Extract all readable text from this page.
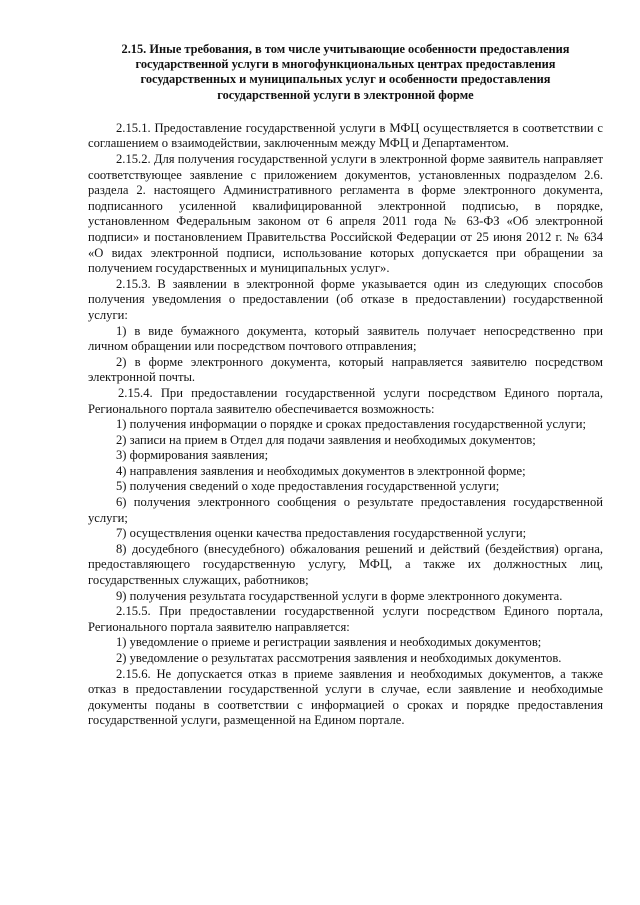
2.15. Иные требования, в том числе учитывающие особенности предоставления государственной услуги в многофункциональных центрах предоставления государственных и муниципальных услуг и особенности предоставления государственной услуги в электронной форме

2.15.1. Предоставление государственной услуги в МФЦ осуществляется в соответствии с соглашением о взаимодействии, заключенным между МФЦ и Департаментом.

2.15.2. Для получения государственной услуги в электронной форме заявитель направляет соответствующее заявление с приложением документов, установленных подразделом 2.6. раздела 2. настоящего Административного регламента в форме электронного документа, подписанного усиленной квалифицированной электронной подписью, в порядке, установленном Федеральным законом от 6 апреля 2011 года № 63-ФЗ «Об электронной подписи» и постановлением Правительства Российской Федерации от 25 июня 2012 г. № 634 «О видах электронной подписи, использование которых допускается при обращении за получением государственных и муниципальных услуг».

2.15.3. В заявлении в электронной форме указывается один из следующих способов получения уведомления о предоставлении (об отказе в предоставлении) государственной услуги:

1) в виде бумажного документа, который заявитель получает непосредственно при личном обращении или посредством почтового отправления;

2) в форме электронного документа, который направляется заявителю посредством электронной почты.

2.15.4. При предоставлении государственной услуги посредством Единого портала, Регионального портала заявителю обеспечивается возможность:

1) получения информации о порядке и сроках предоставления государственной услуги;

2) записи на прием в Отдел для подачи заявления и необходимых документов;

3) формирования заявления;

4) направления заявления и необходимых документов в электронной форме;

5) получения сведений о ходе предоставления государственной услуги;

6) получения электронного сообщения о результате предоставления государственной услуги;

7) осуществления оценки качества предоставления государственной услуги;

8) досудебного (внесудебного) обжалования решений и действий (бездействия) органа, предоставляющего государственную услугу, МФЦ, а также их должностных лиц, государственных служащих, работников;

9) получения результата государственной услуги в форме электронного документа.

2.15.5. При предоставлении государственной услуги посредством Единого портала, Регионального портала заявителю направляется:

1) уведомление о приеме и регистрации заявления и необходимых документов;

2) уведомление о результатах рассмотрения заявления и необходимых документов.

2.15.6. Не допускается отказ в приеме заявления и необходимых документов, а также отказ в предоставлении государственной услуги в случае, если заявление и необходимые документы поданы в соответствии с информацией о сроках и порядке предоставления государственной услуги, размещенной на Едином портале.
